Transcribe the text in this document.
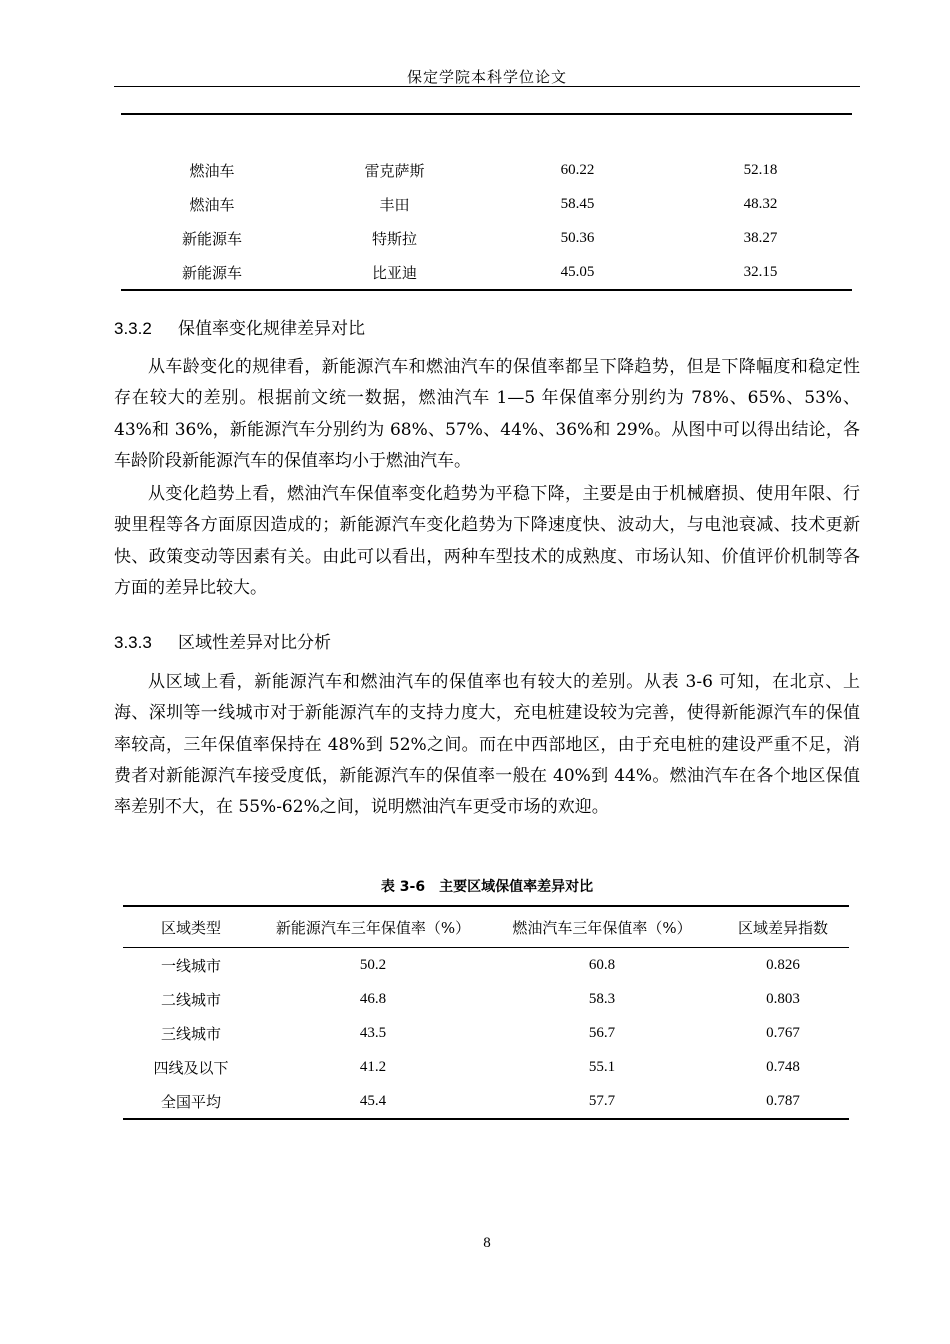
保定学院本科学位论文

燃油车	雷克萨斯	60.22	52.18
燃油车	丰田	58.45	48.32
新能源车	特斯拉	50.36	38.27
新能源车	比亚迪	45.05	32.15
3.3.2 保值率变化规律差异对比
从车龄变化的规律看，新能源汽车和燃油汽车的保值率都呈下降趋势，但是下降幅度和稳定性存在较大的差别。根据前文统一数据，燃油汽车 1—5 年保值率分别约为 78%、65%、53%、43%和 36%，新能源汽车分别约为 68%、57%、44%、36%和 29%。从图中可以得出结论，各车龄阶段新能源汽车的保值率均小于燃油汽车。
从变化趋势上看，燃油汽车保值率变化趋势为平稳下降，主要是由于机械磨损、使用年限、行驶里程等各方面原因造成的；新能源汽车变化趋势为下降速度快、波动大，与电池衰减、技术更新快、政策变动等因素有关。由此可以看出，两种车型技术的成熟度、市场认知、价值评价机制等各方面的差异比较大。
3.3.3 区域性差异对比分析
从区域上看，新能源汽车和燃油汽车的保值率也有较大的差别。从表 3-6 可知，在北京、上海、深圳等一线城市对于新能源汽车的支持力度大，充电桩建设较为完善，使得新能源汽车的保值率较高，三年保值率保持在 48%到 52%之间。而在中西部地区，由于充电桩的建设严重不足，消费者对新能源汽车接受度低，新能源汽车的保值率一般在 40%到 44%。燃油汽车在各个地区保值率差别不大，在 55%-62%之间，说明燃油汽车更受市场的欢迎。
表 3-6　主要区域保值率差异对比
区域类型	新能源汽车三年保值率（%）	燃油汽车三年保值率（%）	区域差异指数
一线城市	50.2	60.8	0.826
二线城市	46.8	58.3	0.803
三线城市	43.5	56.7	0.767
四线及以下	41.2	55.1	0.748
全国平均	45.4	57.7	0.787
8
